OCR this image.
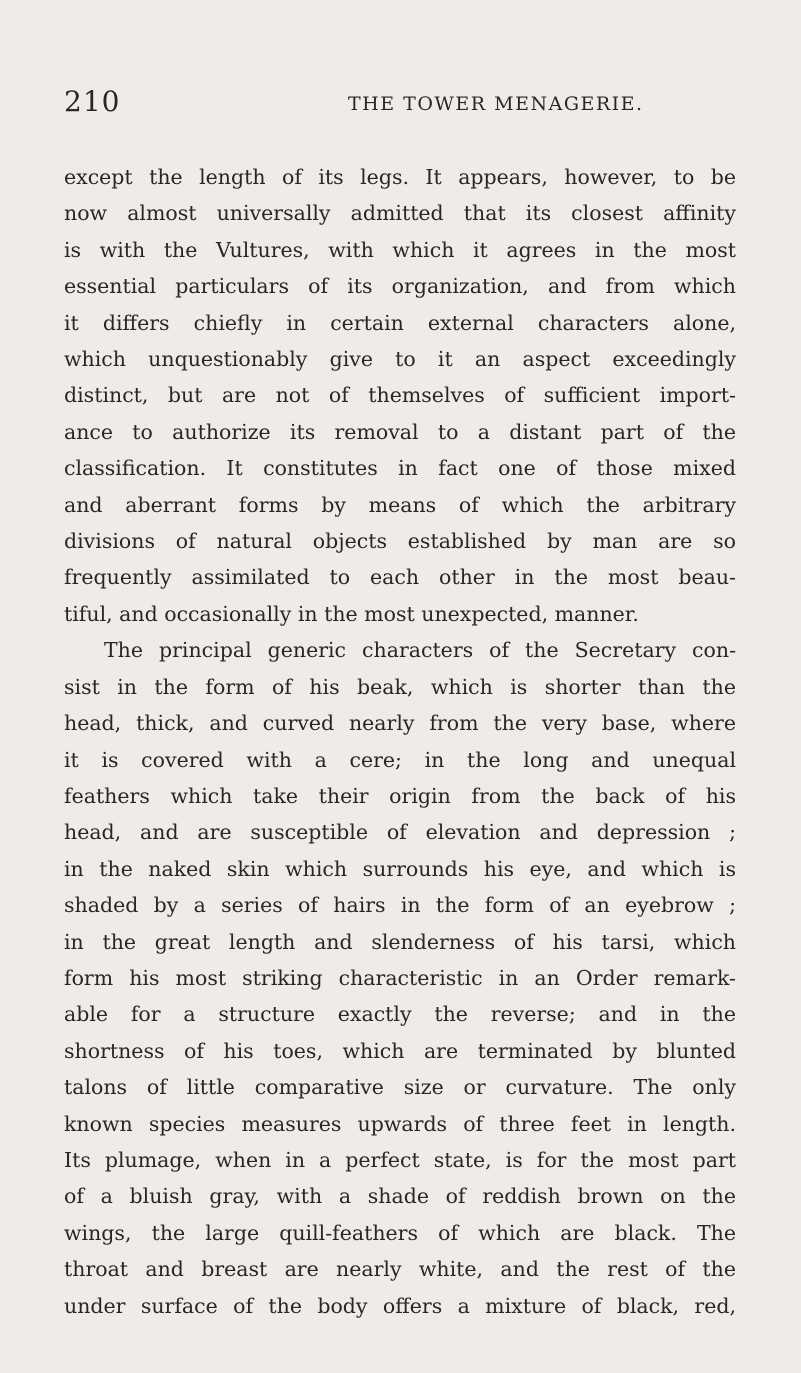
210	THE TOWER MENAGERIE.
except the length of its legs. It appears, however, to be
now almost universally admitted that its closest affinity
is with the Vultures, with which it agrees in the most
essential particulars of its organization, and from which
it differs chiefly in certain external characters alone,
which unquestionably give to it an aspect exceedingly
distinct, but are not of themselves of sufficient import-
ance to authorize its removal to a distant part of the
classification. It constitutes in fact one of those mixed
and aberrant forms by means of which the arbitrary
divisions of natural objects established by man are so
frequently assimilated to each other in the most beau-
tiful, and occasionally in the most unexpected, manner.
The principal generic characters of the Secretary con-
sist in the form of his beak, which is shorter than the
head, thick, and curved nearly from the very base, where
it is covered with a cere; in the long and unequal
feathers which take their origin from the back of his
head, and are susceptible of elevation and depression ;
in the naked skin which surrounds his eye, and which is
shaded by a series of hairs in the form of an eyebrow ;
in the great length and slenderness of his tarsi, which
form his most striking characteristic in an Order remark-
able for a structure exactly the reverse; and in the
shortness of his toes, which are terminated by blunted
talons of little comparative size or curvature. The only
known species measures upwards of three feet in length.
Its plumage, when in a perfect state, is for the most part
of a bluish gray, with a shade of reddish brown on the
wings, the large quill-feathers of which are black. The
throat and breast are nearly white, and the rest of the
under surface of the body offers a mixture of black, red,
